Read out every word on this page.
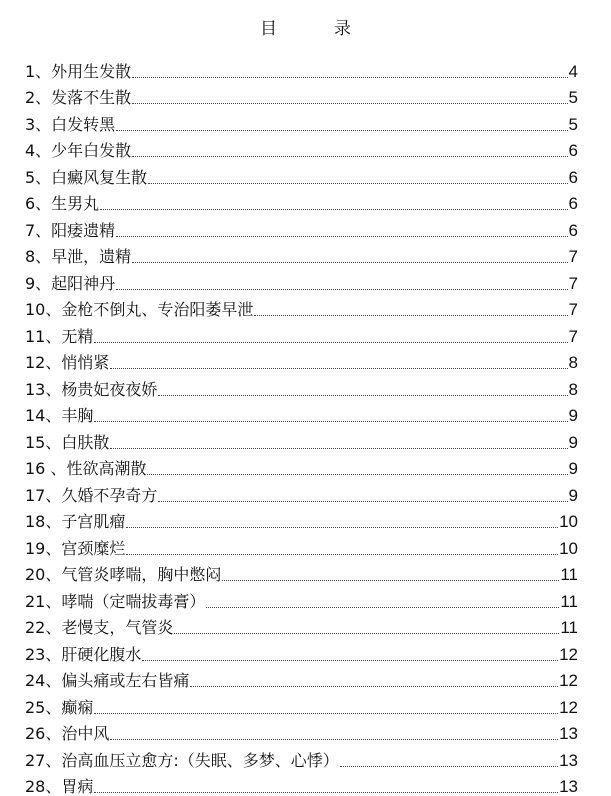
目　录
1、外用生发散	4
2、发落不生散	5
3、白发转黑	5
4、少年白发散	6
5、白癜风复生散	6
6、生男丸	6
7、阳痿遗精	6
8、早泄，遗精	7
9、起阳神丹	7
10、金枪不倒丸、专治阳萎早泄	7
11、无精	7
12、悄悄紧	8
13、杨贵妃夜夜娇	8
14、丰胸	9
15、白肤散	9
16 、性欲高潮散	9
17、久婚不孕奇方	9
18、子宫肌瘤	10
19、宫颈糜烂	10
20、气管炎哮喘，胸中憋闷	11
21、哮喘（定喘拔毒膏）	11
22、老慢支，气管炎	11
23、肝硬化腹水	12
24、偏头痛或左右皆痛	12
25、癫痫	12
26、治中风	13
27、治高血压立愈方:（失眠、多梦、心悸）	13
28、胃病	13
